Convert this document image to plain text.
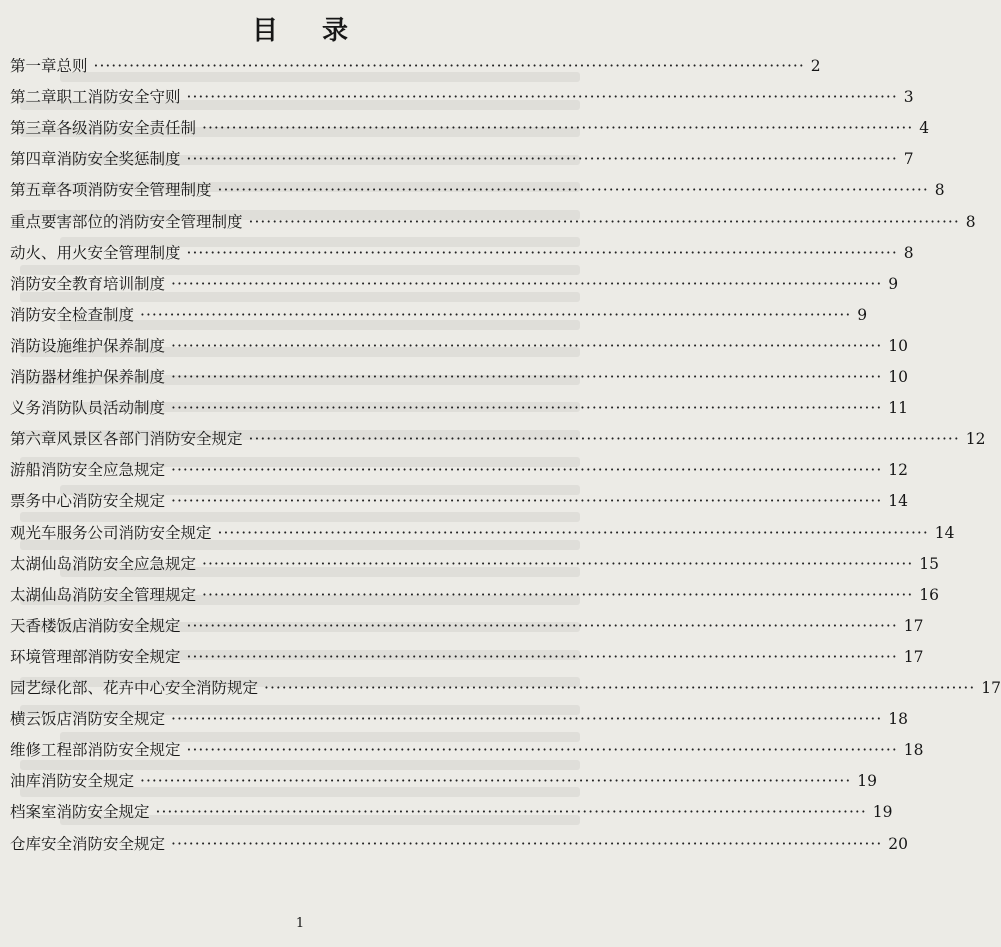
目 录
第一章 总则 ························································································································ 2
第二章 职工消防安全守则 ························································································································ 3
第三章 各级消防安全责任制 ························································································································ 4
第四章 消防安全奖惩制度 ························································································································ 7
第五章 各项消防安全管理制度 ························································································································ 8
重点要害部位的消防安全管理制度 ························································································································ 8
动火、用火安全管理制度 ························································································································ 8
消防安全教育培训制度 ························································································································ 9
消防安全检查制度 ························································································································ 9
消防设施维护保养制度 ························································································································ 10
消防器材维护保养制度 ························································································································ 10
义务消防队员活动制度 ························································································································ 11
第六章 风景区各部门消防安全规定 ························································································································ 12
游船消防安全应急规定 ························································································································ 12
票务中心消防安全规定 ························································································································ 14
观光车服务公司消防安全规定 ························································································································ 14
太湖仙岛消防安全应急规定 ························································································································ 15
太湖仙岛消防安全管理规定 ························································································································ 16
天香楼饭店消防安全规定 ························································································································ 17
环境管理部消防安全规定 ························································································································ 17
园艺绿化部、花卉中心安全消防规定 ························································································································ 17
横云饭店消防安全规定 ························································································································ 18
维修工程部消防安全规定 ························································································································ 18
油库消防安全规定 ························································································································ 19
档案室消防安全规定 ························································································································ 19
仓库安全消防安全规定 ························································································································ 20
1
